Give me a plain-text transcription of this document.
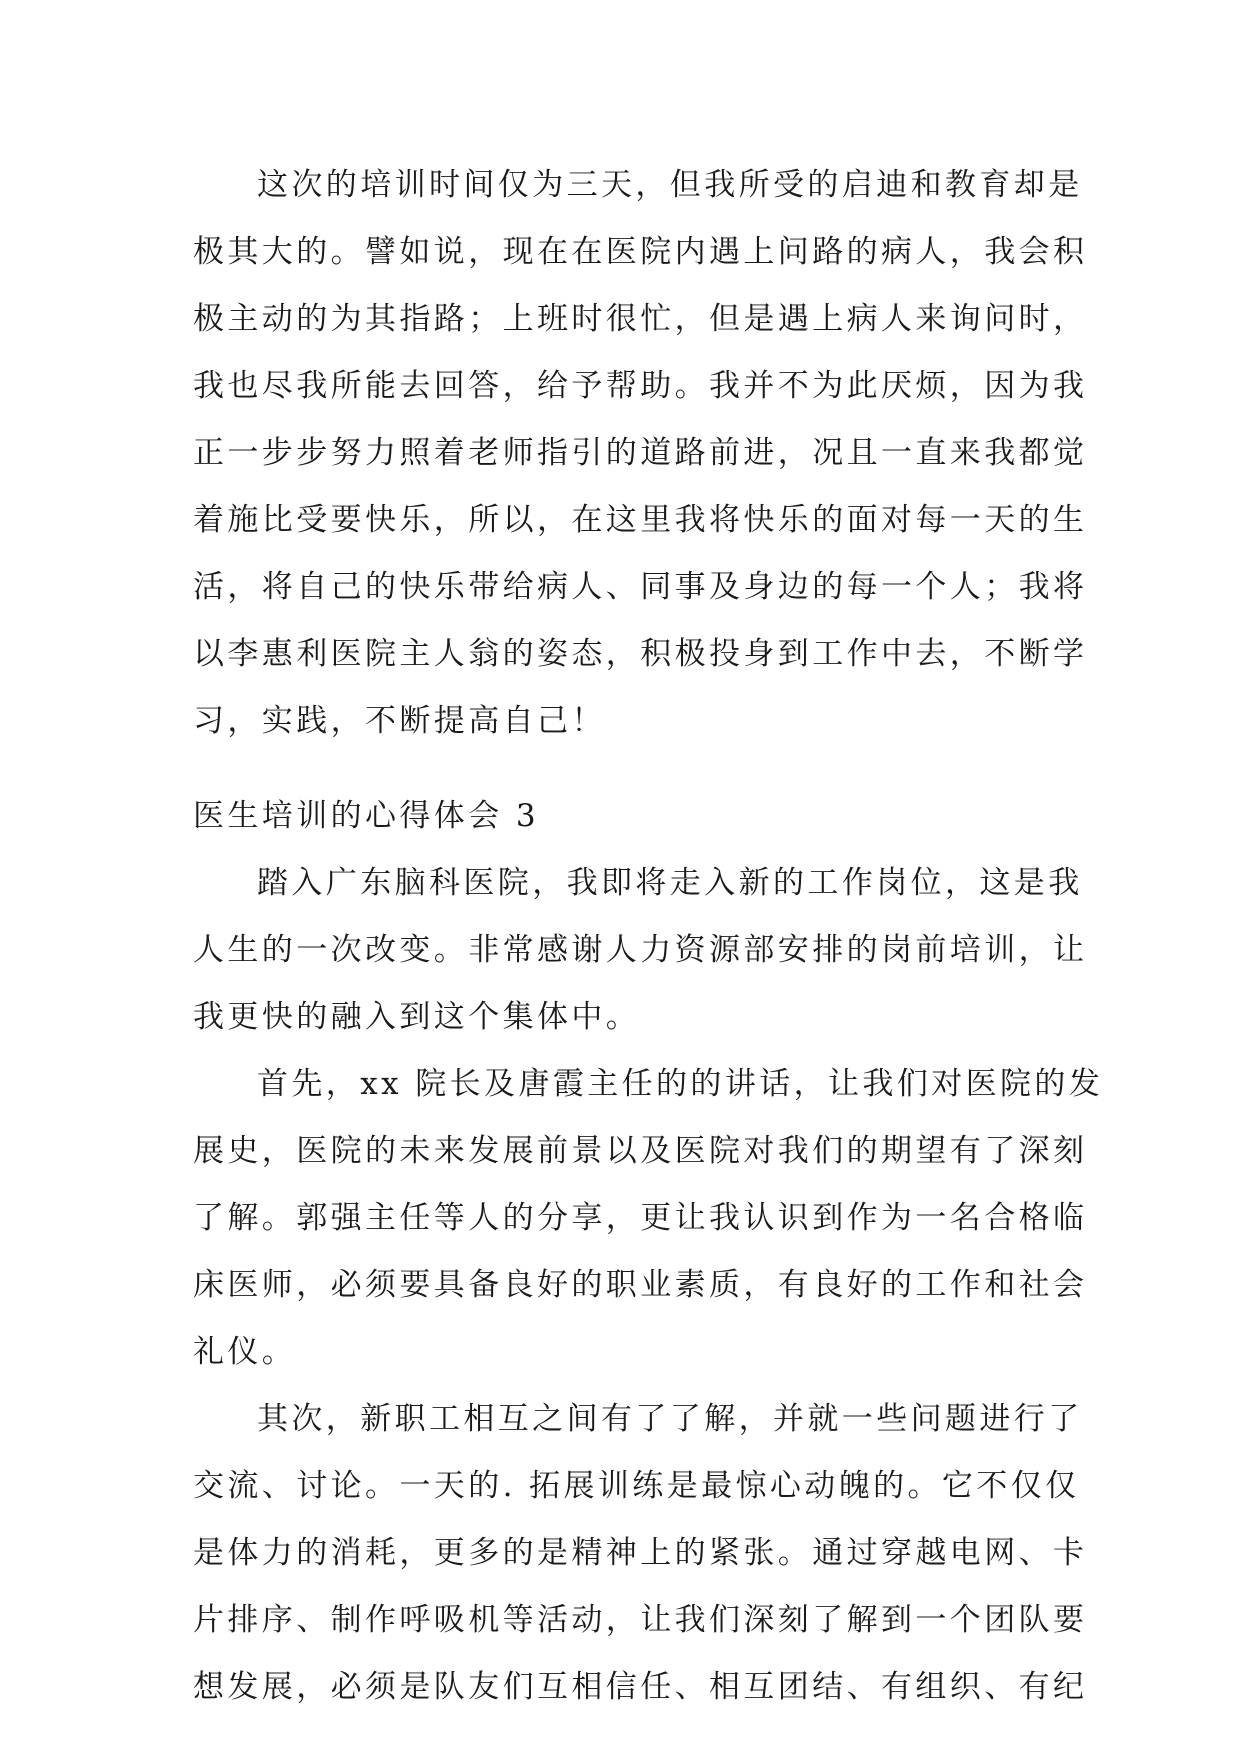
这次的培训时间仅为三天，但我所受的启迪和教育却是
极其大的。譬如说，现在在医院内遇上问路的病人，我会积
极主动的为其指路；上班时很忙，但是遇上病人来询问时，
我也尽我所能去回答，给予帮助。我并不为此厌烦，因为我
正一步步努力照着老师指引的道路前进，况且一直来我都觉
着施比受要快乐，所以，在这里我将快乐的面对每一天的生
活，将自己的快乐带给病人、同事及身边的每一个人；我将
以李惠利医院主人翁的姿态，积极投身到工作中去，不断学
习，实践，不断提高自己！
医生培训的心得体会 3
踏入广东脑科医院，我即将走入新的工作岗位，这是我
人生的一次改变。非常感谢人力资源部安排的岗前培训，让
我更快的融入到这个集体中。
首先，xx 院长及唐霞主任的的讲话，让我们对医院的发
展史，医院的未来发展前景以及医院对我们的期望有了深刻
了解。郭强主任等人的分享，更让我认识到作为一名合格临
床医师，必须要具备良好的职业素质，有良好的工作和社会
礼仪。
其次，新职工相互之间有了了解，并就一些问题进行了
交流、讨论。一天的. 拓展训练是最惊心动魄的。它不仅仅
是体力的消耗，更多的是精神上的紧张。通过穿越电网、卡
片排序、制作呼吸机等活动，让我们深刻了解到一个团队要
想发展，必须是队友们互相信任、相互团结、有组织、有纪
